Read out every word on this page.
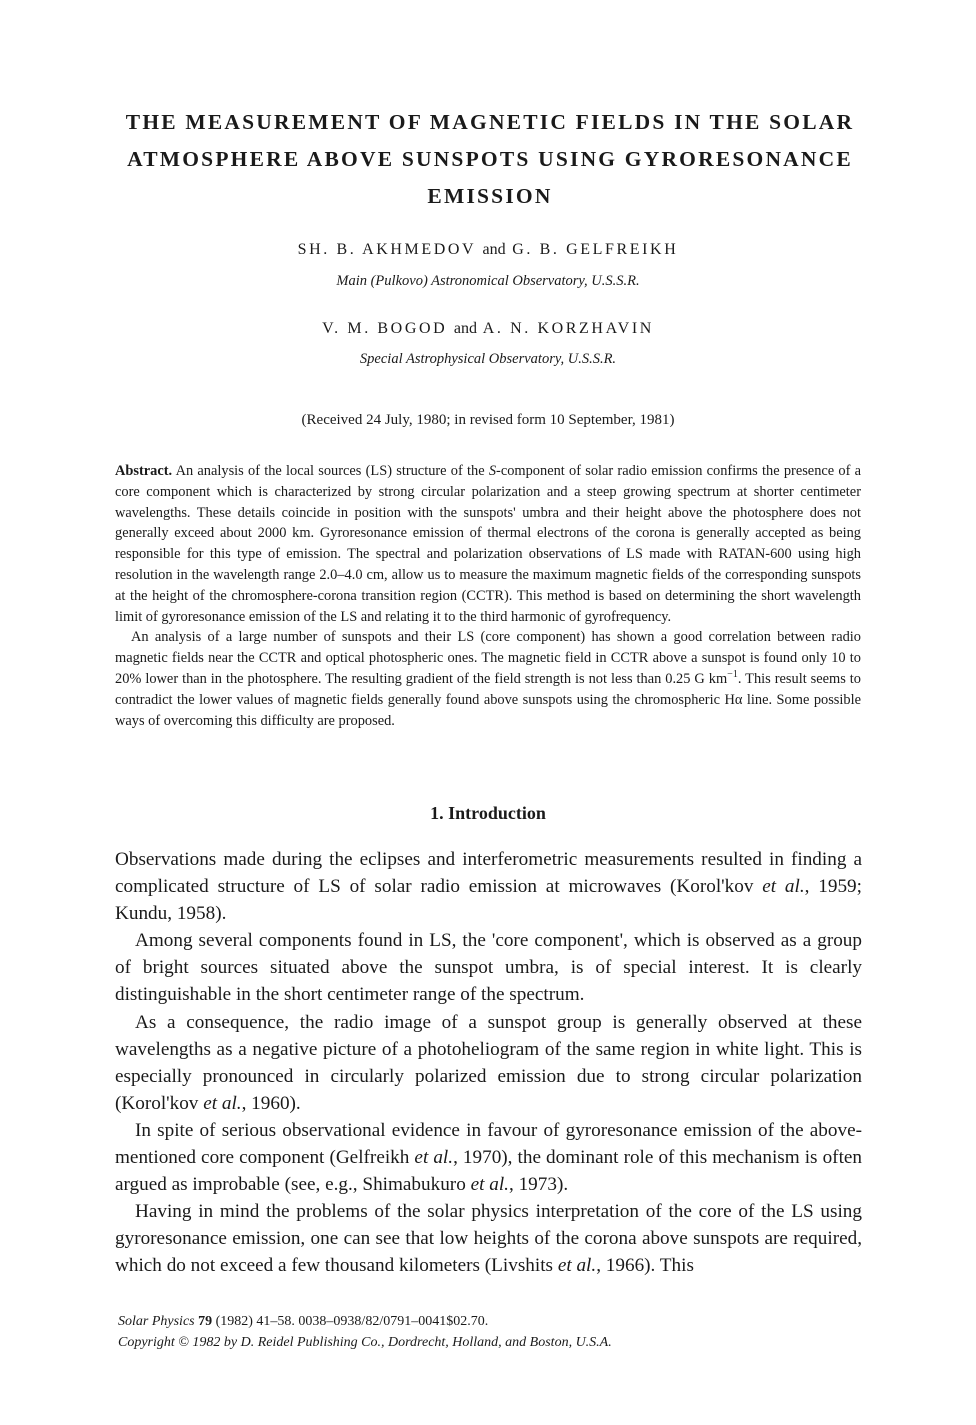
THE MEASUREMENT OF MAGNETIC FIELDS IN THE SOLAR
ATMOSPHERE ABOVE SUNSPOTS USING GYRORESONANCE
EMISSION
SH. B. AKHMEDOV and G. B. GELFREIKH
Main (Pulkovo) Astronomical Observatory, U.S.S.R.
V. M. BOGOD and A. N. KORZHAVIN
Special Astrophysical Observatory, U.S.S.R.
(Received 24 July, 1980; in revised form 10 September, 1981)

Abstract. An analysis of the local sources (LS) structure of the S-component of solar radio emission confirms the presence of a core component which is characterized by strong circular polarization and a steep growing spectrum at shorter centimeter wavelengths. These details coincide in position with the sunspots' umbra and their height above the photosphere does not generally exceed about 2000 km. Gyroresonance emission of thermal electrons of the corona is generally accepted as being responsible for this type of emission. The spectral and polarization observations of LS made with RATAN-600 using high resolution in the wavelength range 2.0–4.0 cm, allow us to measure the maximum magnetic fields of the corresponding sunspots at the height of the chromosphere-corona transition region (CCTR). This method is based on determining the short wavelength limit of gyroresonance emission of the LS and relating it to the third harmonic of gyrofrequency.

An analysis of a large number of sunspots and their LS (core component) has shown a good correlation between radio magnetic fields near the CCTR and optical photospheric ones. The magnetic field in CCTR above a sunspot is found only 10 to 20% lower than in the photosphere. The resulting gradient of the field strength is not less than 0.25 G $km^{-1}$. This result seems to contradict the lower values of magnetic fields generally found above sunspots using the chromospheric Hα line. Some possible ways of overcoming this difficulty are proposed.

1. Introduction

Observations made during the eclipses and interferometric measurements resulted in finding a complicated structure of LS of solar radio emission at microwaves (Korol'kov et al., 1959; Kundu, 1958).

Among several components found in LS, the 'core component', which is observed as a group of bright sources situated above the sunspot umbra, is of special interest. It is clearly distinguishable in the short centimeter range of the spectrum.

As a consequence, the radio image of a sunspot group is generally observed at these wavelengths as a negative picture of a photoheliogram of the same region in white light. This is especially pronounced in circularly polarized emission due to strong circular polarization (Korol'kov et al., 1960).

In spite of serious observational evidence in favour of gyroresonance emission of the above-mentioned core component (Gelfreikh et al., 1970), the dominant role of this mechanism is often argued as improbable (see, e.g., Shimabukuro et al., 1973).

Having in mind the problems of the solar physics interpretation of the core of the LS using gyroresonance emission, one can see that low heights of the corona above sunspots are required, which do not exceed a few thousand kilometers (Livshits et al., 1966). This

Solar Physics 79 (1982) 41–58. 0038–0938/82/0791–0041$02.70.
Copyright © 1982 by D. Reidel Publishing Co., Dordrecht, Holland, and Boston, U.S.A.
